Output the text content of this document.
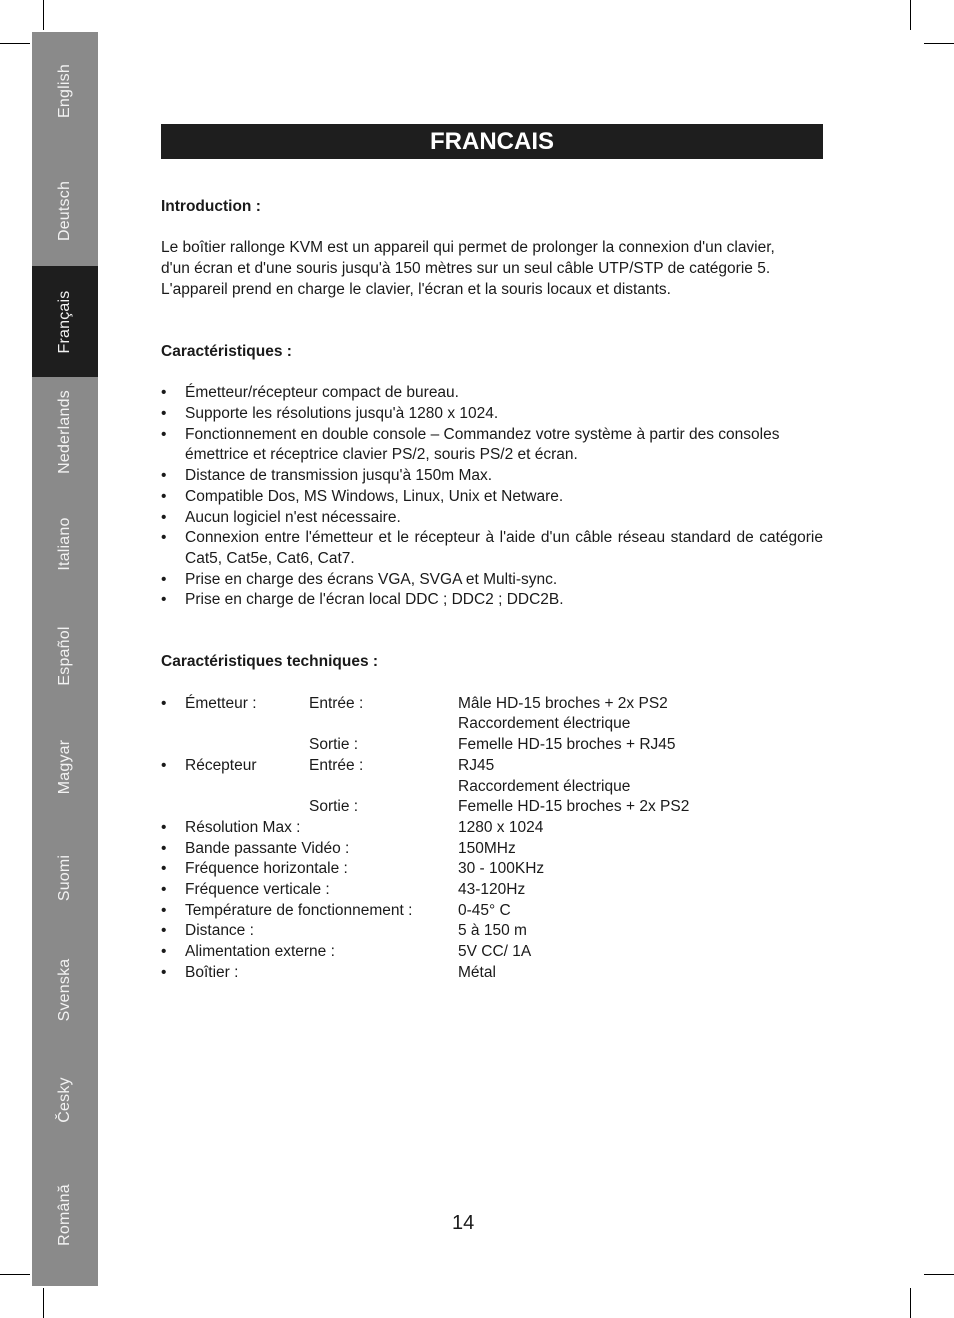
English
Deutsch
Français
Nederlands
Italiano
Español
Magyar
Suomi
Svenska
Česky
Română
FRANCAIS

Introduction :

Le boîtier rallonge KVM est un appareil qui permet de prolonger la connexion d'un clavier,

d'un écran et d'une souris jusqu'à 150 mètres sur un seul câble UTP/STP de catégorie 5.

L'appareil prend en charge le clavier, l'écran et la souris locaux et distants.

Caractéristiques :

• Émetteur/récepteur compact de bureau.
• Supporte les résolutions jusqu'à 1280 x 1024.
• Fonctionnement en double console – Commandez votre système à partir des consoles émettrice et réceptrice clavier PS/2, souris PS/2 et écran.
• Distance de transmission jusqu'à 150m Max.
• Compatible Dos, MS Windows, Linux, Unix et Netware.
• Aucun logiciel n'est nécessaire.
• Connexion entre l'émetteur et le récepteur à l'aide d'un câble réseau standard de catégorie Cat5, Cat5e, Cat6, Cat7.
• Prise en charge des écrans VGA, SVGA et Multi-sync.
• Prise en charge de l'écran local DDC ; DDC2 ; DDC2B.

Caractéristiques techniques :

• Émetteur :	Entrée :	Mâle HD-15 broches + 2x PS2
Raccordement électrique
Sortie :	Femelle HD-15 broches + RJ45
• Récepteur	Entrée :	RJ45
Raccordement électrique
Sortie :	Femelle HD-15 broches + 2x PS2
• Résolution Max :	1280 x 1024
• Bande passante Vidéo :	150MHz
• Fréquence horizontale :	30 - 100KHz
• Fréquence verticale :	43-120Hz
• Température de fonctionnement :	0-45° C
• Distance :	5 à 150 m
• Alimentation externe :	5V CC/ 1A
• Boîtier :	Métal
14
